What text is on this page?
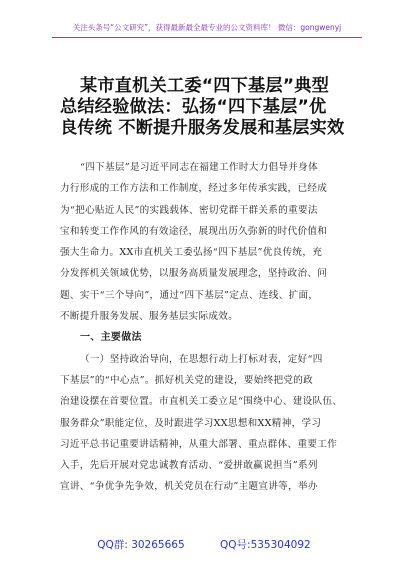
关注头条号“公文研究”，获得最新最全最专业的公文资料库！ 微信：gongwenyj
某市直机关工委“四下基层”典型
总结经验做法：弘扬“四下基层”优
良传统 不断提升服务发展和基层实效
“四下基层”是习近平同志在福建工作时大力倡导并身体
力行形成的工作方法和工作制度，经过多年传承实践，已经成
为“把心贴近人民”的实践载体、密切党群干群关系的重要法
宝和转变工作作风的有效途径，展现出历久弥新的时代价值和
强大生命力。XX市直机关工委弘扬“四下基层”优良传统，充
分发挥机关领域优势，以服务高质量发展理念，坚持政治、问
题、实干“三个导向”，通过“四下基层”定点、连线、扩面，
不断提升服务发展、服务基层实际成效。
一、主要做法
（一）坚持政治导向，在思想行动上打标对表，定好“四
下基层”的“中心点”。抓好机关党的建设，要始终把党的政
治建设摆在首要位置。市直机关工委立足“围绕中心、建设队伍、
服务群众”职能定位，及时跟进学习XX思想和XX精神，学习
习近平总书记重要讲话精神，从重大部署、重点群体、重要工作
入手，先后开展对党忠诚教育活动、“爱拼敢赢说担当”系列
宣讲、“争优争先争效，机关党员在行动”主题宣讲等，举办
QQ群: 30265665	QQ号:535304092
